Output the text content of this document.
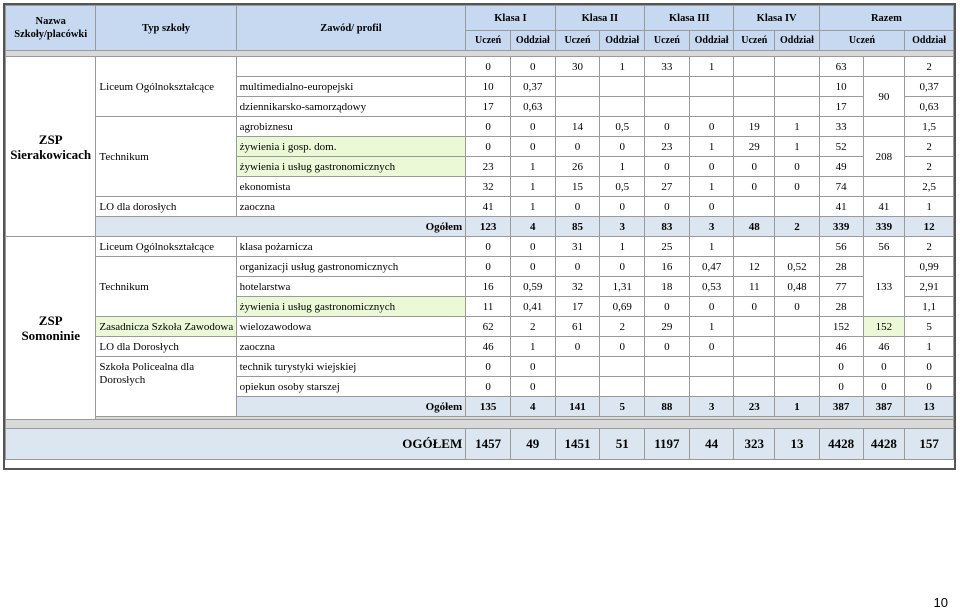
Nazwa Szkoły/placówki	Typ szkoły	Zawód/ profil	Klasa I		Klasa II		Klasa III		Klasa IV		Razem		
			Uczeń	Oddział	Uczeń	Oddział	Uczeń	Oddział	Uczeń	Oddział	Uczeń		Oddział

ZSP Sierakowicach	Liceum Ogólnokształcące		0	0	30	1	33	1			63		2
		multimedialno-europejski	10	0,37							10	90	0,37
		dziennikarsko-samorządowy	17	0,63							17		0,63
	Technikum	agrobiznesu	0	0	14	0,5	0	0	19	1	33		1,5
		żywienia i gosp. dom.	0	0	0	0	23	1	29	1	52	208	2
		żywienia i usług gastronomicznych	23	1	26	1	0	0	0	0	49		2
		ekonomista	32	1	15	0,5	27	1	0	0	74		2,5
	LO dla dorosłych	zaoczna	41	1	0	0	0	0			41	41	1
	Ogółem		123	4	85	3	83	3	48	2	339	339	12
ZSP Somoninie	Liceum Ogólnokształcące	klasa pożarnicza	0	0	31	1	25	1			56	56	2
	Technikum	organizacji usług gastronomicznych	0	0	0	0	16	0,47	12	0,52	28	133	0,99
		hotelarstwa	16	0,59	32	1,31	18	0,53	11	0,48	77		2,91
		żywienia i usług gastronomicznych	11	0,41	17	0,69	0	0	0	0	28		1,1
	Zasadnicza Szkoła Zawodowa	wielozawodowa	62	2	61	2	29	1			152	152	5
	LO dla Dorosłych	zaoczna	46	1	0	0	0	0			46	46	1
	Szkoła Policealna dla Dorosłych	technik turystyki wiejskiej	0	0							0	0	0
		opiekun osoby starszej	0	0							0	0	0
		Ogółem	135	4	141	5	88	3	23	1	387	387	13

OGÓŁEM			1457	49	1451	51	1197	44	323	13	4428	4428	157
10
